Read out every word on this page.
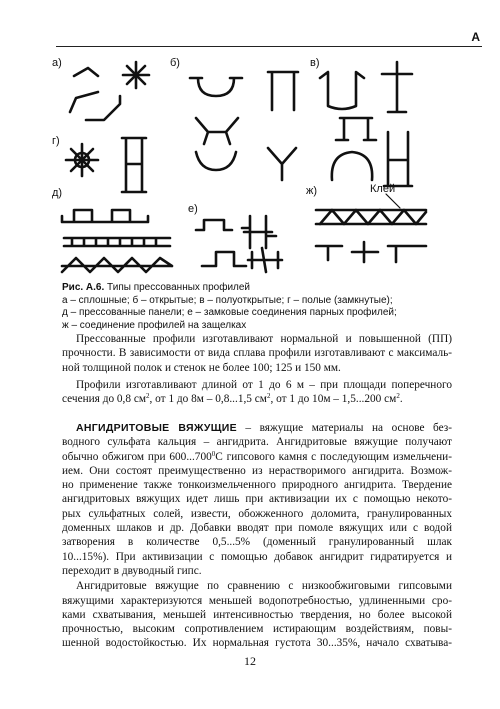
А
а)	б)	в)
г)
д)
е)
ж)	Клей
Рис. А.6. Типы прессованных профилей
а – сплошные; б – открытые; в – полуоткрытые; г – полые (замкнутые);
д – прессованные панели; е – замковые соединения парных профилей;
ж – соединение профилей на защелках

Прессованные профили изготавливают нормальной и повышенной (ПП)
прочности. В зависимости от вида сплава профили изготавливают с максималь-
ной толщиной полок и стенок не более 100; 125 и 150 мм.

Профили изготавливают длиной от 1 до 6 м – при площади поперечного
сечения до 0,8 $см^2$, от 1 до 8м – 0,8...1,5 $см^2$, от 1 до 10м – 1,5...200 $см^2$.

АНГИДРИТОВЫЕ ВЯЖУЩИЕ – вяжущие материалы на основе без-
водного сульфата кальция – ангидрита. Ангидритовые вяжущие получают
обычно обжигом при 600...700$^0$С гипсового камня с последующим измельчени-
ием. Они состоят преимущественно из нерастворимого ангидрита. Возмож-
но применение также тонкоизмельченного природного ангидрита. Твердение
ангидритовых вяжущих идет лишь при активизации их с помощью некото-
рых сульфатных солей, извести, обожженного доломита, гранулированных
доменных шлаков и др. Добавки вводят при помоле вяжущих или с водой
затворения в количестве 0,5...5% (доменный гранулированный шлак
10...15%). При активизации с помощью добавок ангидрит гидратируется и
переходит в двуводный гипс.

Ангидритовые вяжущие по сравнению с низкообжиговыми гипсовыми
вяжущими характеризуются меньшей водопотребностью, удлиненными сро-
ками схватывания, меньшей интенсивностью твердения, но более высокой
прочностью, высоким сопротивлением истирающим воздействиям, повы-
шенной водостойкостью. Их нормальная густота 30...35%, начало схватыва-

12
